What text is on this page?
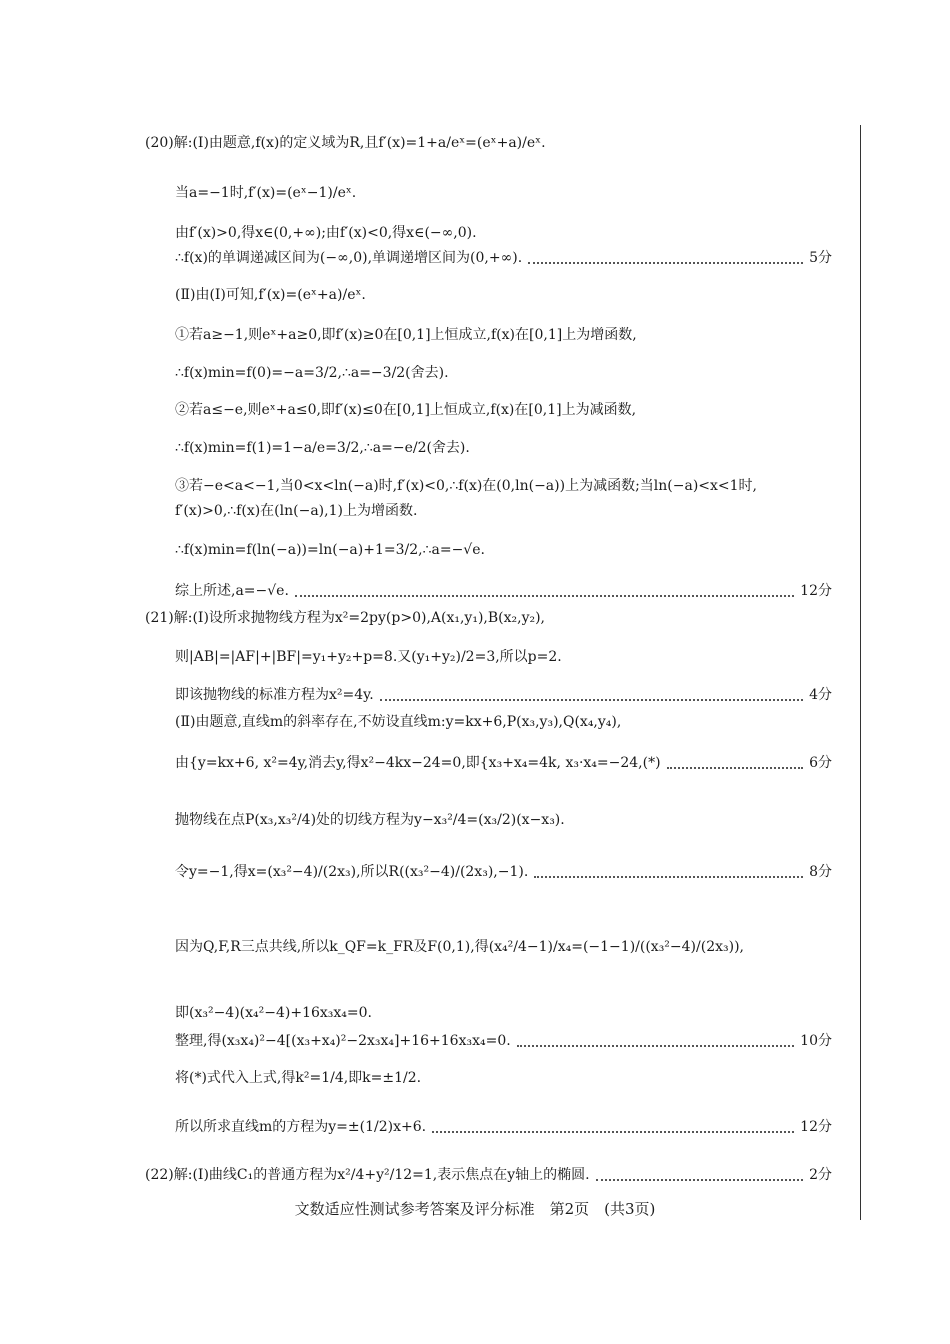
(20)解:(Ⅰ)由题意,f(x)的定义域为R,且f′(x)=1+a/eˣ=(eˣ+a)/eˣ.
当a=−1时,f′(x)=(eˣ−1)/eˣ.
由f′(x)>0,得x∈(0,+∞);由f′(x)<0,得x∈(−∞,0).
∴f(x)的单调递减区间为(−∞,0),单调递增区间为(0,+∞).	5分
(Ⅱ)由(Ⅰ)可知,f′(x)=(eˣ+a)/eˣ.
①若a≥−1,则eˣ+a≥0,即f′(x)≥0在[0,1]上恒成立,f(x)在[0,1]上为增函数,
∴f(x)min=f(0)=−a=3/2,∴a=−3/2(舍去).
②若a≤−e,则eˣ+a≤0,即f′(x)≤0在[0,1]上恒成立,f(x)在[0,1]上为减函数,
∴f(x)min=f(1)=1−a/e=3/2,∴a=−e/2(舍去).
③若−e<a<−1,当0<x<ln(−a)时,f′(x)<0,∴f(x)在(0,ln(−a))上为减函数;当ln(−a)<x<1时,
f′(x)>0,∴f(x)在(ln(−a),1)上为增函数.
∴f(x)min=f(ln(−a))=ln(−a)+1=3/2,∴a=−√e.
综上所述,a=−√e.	12分
(21)解:(Ⅰ)设所求抛物线方程为x²=2py(p>0),A(x₁,y₁),B(x₂,y₂),
则|AB|=|AF|+|BF|=y₁+y₂+p=8.又(y₁+y₂)/2=3,所以p=2.
即该抛物线的标准方程为x²=4y.	4分
(Ⅱ)由题意,直线m的斜率存在,不妨设直线m:y=kx+6,P(x₃,y₃),Q(x₄,y₄),
由{y=kx+6, x²=4y,消去y,得x²−4kx−24=0,即{x₃+x₄=4k, x₃·x₄=−24,(*)	6分
抛物线在点P(x₃,x₃²/4)处的切线方程为y−x₃²/4=(x₃/2)(x−x₃).
令y=−1,得x=(x₃²−4)/(2x₃),所以R((x₃²−4)/(2x₃),−1).	8分
因为Q,F,R三点共线,所以k_QF=k_FR及F(0,1),得(x₄²/4−1)/x₄=(−1−1)/((x₃²−4)/(2x₃)),
即(x₃²−4)(x₄²−4)+16x₃x₄=0.
整理,得(x₃x₄)²−4[(x₃+x₄)²−2x₃x₄]+16+16x₃x₄=0.	10分
将(*)式代入上式,得k²=1/4,即k=±1/2.
所以所求直线m的方程为y=±(1/2)x+6.	12分
(22)解:(Ⅰ)曲线C₁的普通方程为x²/4+y²/12=1,表示焦点在y轴上的椭圆.	2分
文数适应性测试参考答案及评分标准　第2页　(共3页)
